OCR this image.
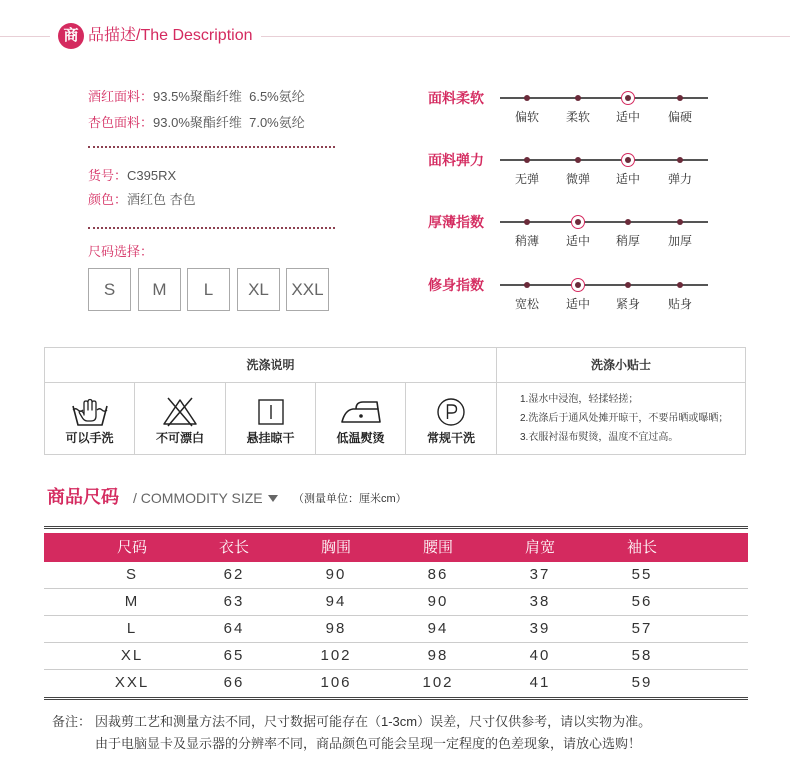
商 品描述/The Description
酒红面料：93.5%聚酯纤维  6.5%氨纶
杏色面料：93.0%聚酯纤维  7.0%氨纶
货号：C395RX
颜色：酒红色 杏色
尺码选择：
S	M	L	XL	XXL
面料柔软
偏软	柔软	适中	偏硬
面料弹力
无弹	微弹	适中	弹力
厚薄指数
稍薄	适中	稍厚	加厚
修身指数
宽松	适中	紧身	贴身
洗涤说明	洗涤小贴士
可以手洗	不可漂白	悬挂晾干	低温熨烫	常规干洗
1.湿水中浸泡，轻揉轻搓；
2.洗涤后于通风处摊开晾干，不要吊晒或曝晒；
3.衣服衬湿布熨烫，温度不宜过高。
商品尺码 / COMMODITY SIZE	（测量单位：厘米cm）
尺码	衣长	胸围	腰围	肩宽	袖长
S	62	90	86	37	55
M	63	94	90	38	56
L	64	98	94	39	57
XL	65	102	98	40	58
XXL	66	106	102	41	59
备注： 因裁剪工艺和测量方法不同，尺寸数据可能存在（1-3cm）误差，尺寸仅供参考，请以实物为准。
由于电脑显卡及显示器的分辨率不同，商品颜色可能会呈现一定程度的色差现象，请放心选购！
